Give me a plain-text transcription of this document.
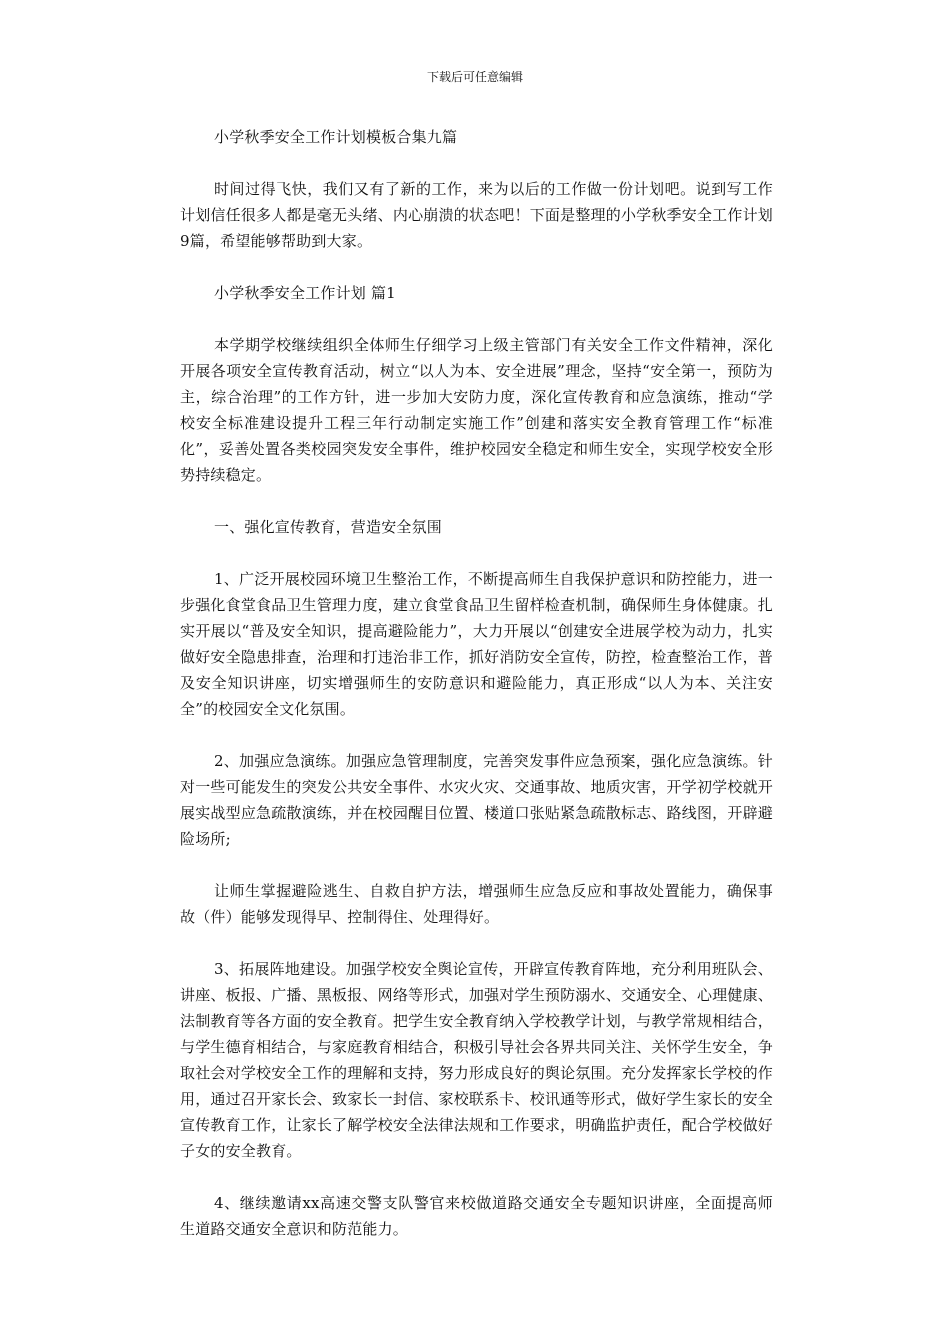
下载后可任意编辑

小学秋季安全工作计划模板合集九篇

时间过得飞快，我们又有了新的工作，来为以后的工作做一份计划吧。说到写工作计划信任很多人都是毫无头绪、内心崩溃的状态吧！下面是整理的小学秋季安全工作计划9篇，希望能够帮助到大家。

小学秋季安全工作计划 篇1

本学期学校继续组织全体师生仔细学习上级主管部门有关安全工作文件精神，深化开展各项安全宣传教育活动，树立“以人为本、安全进展”理念，坚持“安全第一，预防为主，综合治理”的工作方针，进一步加大安防力度，深化宣传教育和应急演练，推动“学校安全标准建设提升工程三年行动制定实施工作”创建和落实安全教育管理工作“标准化”，妥善处置各类校园突发安全事件，维护校园安全稳定和师生安全，实现学校安全形势持续稳定。

一、强化宣传教育，营造安全氛围

1、广泛开展校园环境卫生整治工作，不断提高师生自我保护意识和防控能力，进一步强化食堂食品卫生管理力度，建立食堂食品卫生留样检查机制，确保师生身体健康。扎实开展以“普及安全知识，提高避险能力”，大力开展以“创建安全进展学校为动力，扎实做好安全隐患排查，治理和打违治非工作，抓好消防安全宣传，防控，检查整治工作，普及安全知识讲座，切实增强师生的安防意识和避险能力，真正形成“以人为本、关注安全”的校园安全文化氛围。

2、加强应急演练。加强应急管理制度，完善突发事件应急预案，强化应急演练。针对一些可能发生的突发公共安全事件、水灾火灾、交通事故、地质灾害，开学初学校就开展实战型应急疏散演练，并在校园醒目位置、楼道口张贴紧急疏散标志、路线图，开辟避险场所;

让师生掌握避险逃生、自救自护方法，增强师生应急反应和事故处置能力，确保事故（件）能够发现得早、控制得住、处理得好。

3、拓展阵地建设。加强学校安全舆论宣传，开辟宣传教育阵地，充分利用班队会、讲座、板报、广播、黑板报、网络等形式，加强对学生预防溺水、交通安全、心理健康、法制教育等各方面的安全教育。把学生安全教育纳入学校教学计划，与教学常规相结合，与学生德育相结合，与家庭教育相结合，积极引导社会各界共同关注、关怀学生安全，争取社会对学校安全工作的理解和支持，努力形成良好的舆论氛围。充分发挥家长学校的作用，通过召开家长会、致家长一封信、家校联系卡、校讯通等形式，做好学生家长的安全宣传教育工作，让家长了解学校安全法律法规和工作要求，明确监护责任，配合学校做好子女的安全教育。

4、继续邀请xx高速交警支队警官来校做道路交通安全专题知识讲座，全面提高师生道路交通安全意识和防范能力。
